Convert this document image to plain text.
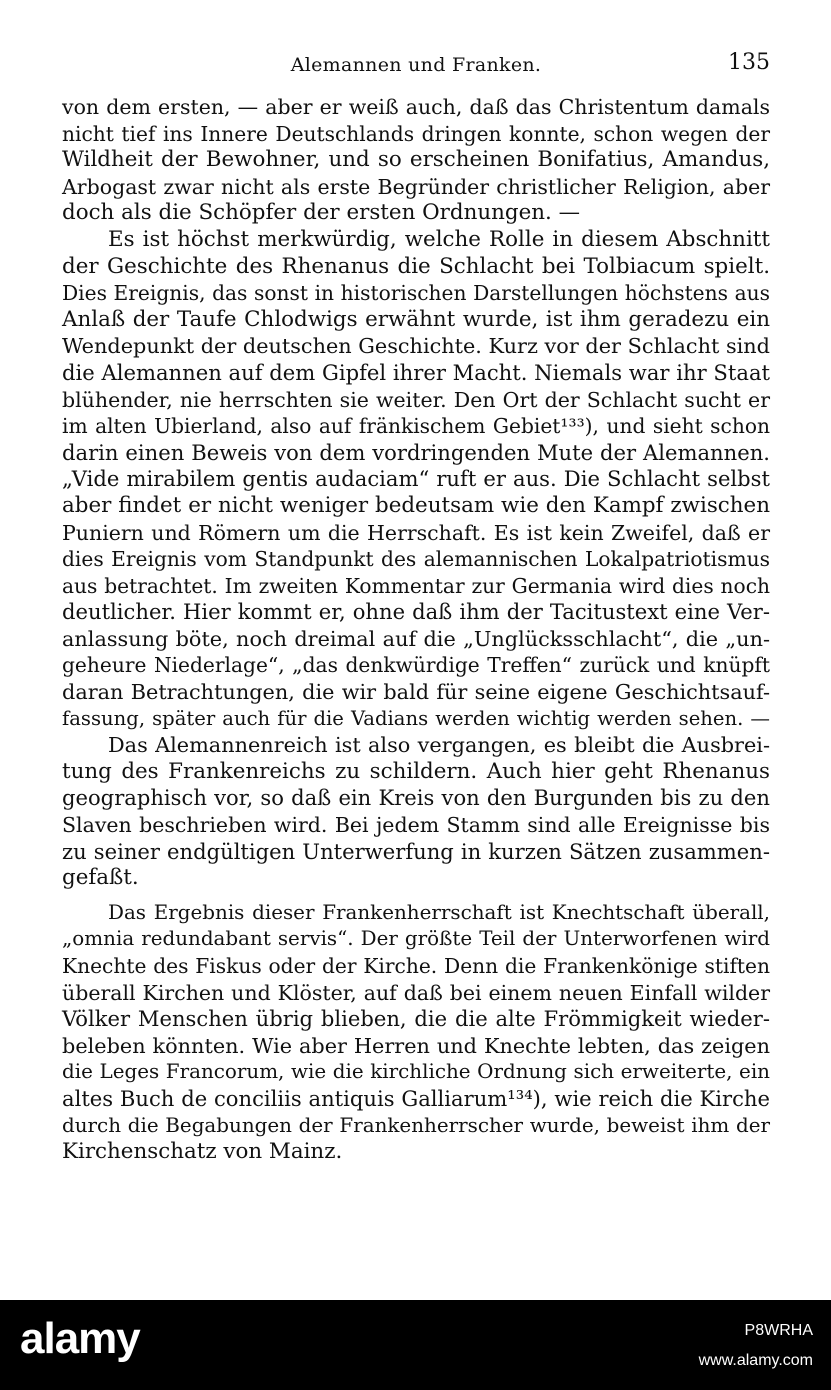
Alemannen und Franken.	135
von dem ersten, — aber er weiß auch, daß das Christentum damals
nicht tief ins Innere Deutschlands dringen konnte, schon wegen der
Wildheit der Bewohner, und so erscheinen Bonifatius, Amandus,
Arbogast zwar nicht als erste Begründer christlicher Religion, aber
doch als die Schöpfer der ersten Ordnungen. —
Es ist höchst merkwürdig, welche Rolle in diesem Abschnitt
der Geschichte des Rhenanus die Schlacht bei Tolbiacum spielt.
Dies Ereignis, das sonst in historischen Darstellungen höchstens aus
Anlaß der Taufe Chlodwigs erwähnt wurde, ist ihm geradezu ein
Wendepunkt der deutschen Geschichte. Kurz vor der Schlacht sind
die Alemannen auf dem Gipfel ihrer Macht. Niemals war ihr Staat
blühender, nie herrschten sie weiter. Den Ort der Schlacht sucht er
im alten Ubierland, also auf fränkischem Gebiet¹³³), und sieht schon
darin einen Beweis von dem vordringenden Mute der Alemannen.
„Vide mirabilem gentis audaciam“ ruft er aus. Die Schlacht selbst
aber findet er nicht weniger bedeutsam wie den Kampf zwischen
Puniern und Römern um die Herrschaft. Es ist kein Zweifel, daß er
dies Ereignis vom Standpunkt des alemannischen Lokalpatriotismus
aus betrachtet. Im zweiten Kommentar zur Germania wird dies noch
deutlicher. Hier kommt er, ohne daß ihm der Tacitustext eine Ver-
anlassung böte, noch dreimal auf die „Unglücksschlacht“, die „un-
geheure Niederlage“, „das denkwürdige Treffen“ zurück und knüpft
daran Betrachtungen, die wir bald für seine eigene Geschichtsauf-
fassung, später auch für die Vadians werden wichtig werden sehen. —
Das Alemannenreich ist also vergangen, es bleibt die Ausbrei-
tung des Frankenreichs zu schildern. Auch hier geht Rhenanus
geographisch vor, so daß ein Kreis von den Burgunden bis zu den
Slaven beschrieben wird. Bei jedem Stamm sind alle Ereignisse bis
zu seiner endgültigen Unterwerfung in kurzen Sätzen zusammen-
gefaßt.
Das Ergebnis dieser Frankenherrschaft ist Knechtschaft überall,
„omnia redundabant servis“. Der größte Teil der Unterworfenen wird
Knechte des Fiskus oder der Kirche. Denn die Frankenkönige stiften
überall Kirchen und Klöster, auf daß bei einem neuen Einfall wilder
Völker Menschen übrig blieben, die die alte Frömmigkeit wieder-
beleben könnten. Wie aber Herren und Knechte lebten, das zeigen
die Leges Francorum, wie die kirchliche Ordnung sich erweiterte, ein
altes Buch de conciliis antiquis Galliarum¹³⁴), wie reich die Kirche
durch die Begabungen der Frankenherrscher wurde, beweist ihm der
Kirchenschatz von Mainz.
alamy	P8WRHA
www.alamy.com
